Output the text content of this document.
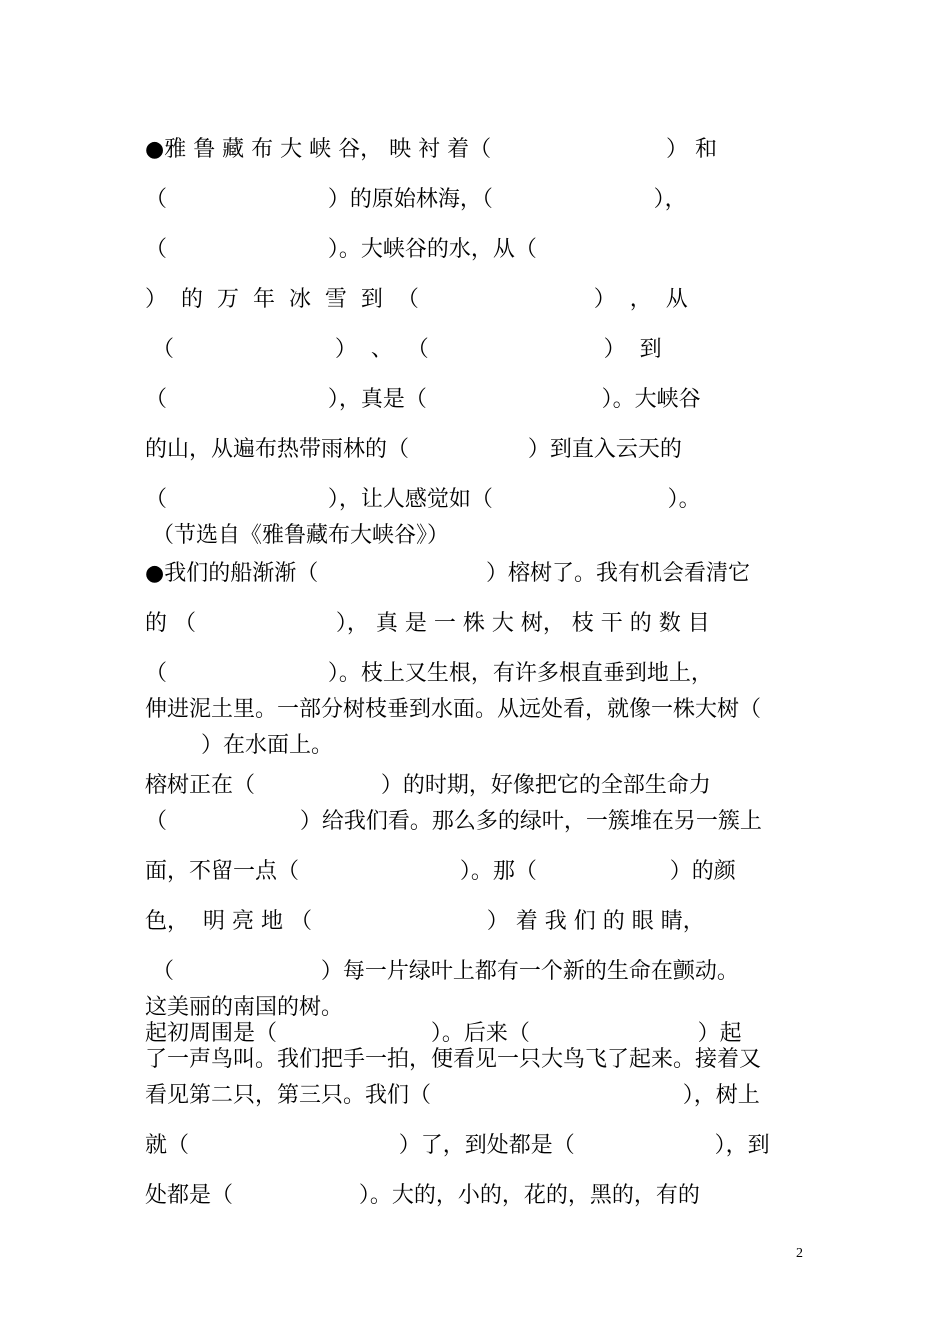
●雅 鲁 藏 布 大 峡 谷， 映 衬 着（                         ） 和
（                       ）的原始林海，（                       ），
（                       ）。大峡谷的水，从（
）  的  万  年  冰  雪  到  （                         ）  ，  从
（                       ）  、  （                         ）  到
（                       ），真是（                         ）。大峡谷
的山，从遍布热带雨林的（                 ）到直入云天的
（                       ），让人感觉如（                         ）。
（节选自《雅鲁藏布大峡谷》）
●我们的船渐渐（                        ）榕树了。我有机会看清它
的 （                    ）， 真 是 一 株 大 树， 枝 干 的 数 目
（                       ）。枝上又生根，有许多根直垂到地上，
伸进泥土里。一部分树枝垂到水面。从远处看，就像一株大树（
）在水面上。
榕树正在（                  ）的时期，好像把它的全部生命力
（                   ）给我们看。那么多的绿叶，一簇堆在另一簇上
面，不留一点（                       ）。那（                   ）的颜
色，  明 亮 地 （                         ） 着 我 们 的 眼 睛，
（                     ）每一片绿叶上都有一个新的生命在颤动。
这美丽的南国的树。
起初周围是（                      ）。后来（                        ）起
了一声鸟叫。我们把手一拍，便看见一只大鸟飞了起来。接着又
看见第二只，第三只。我们（                                    ），树上
就（                              ）了，到处都是（                    ），到
处都是（                  ）。大的，小的，花的，黑的，有的
2
